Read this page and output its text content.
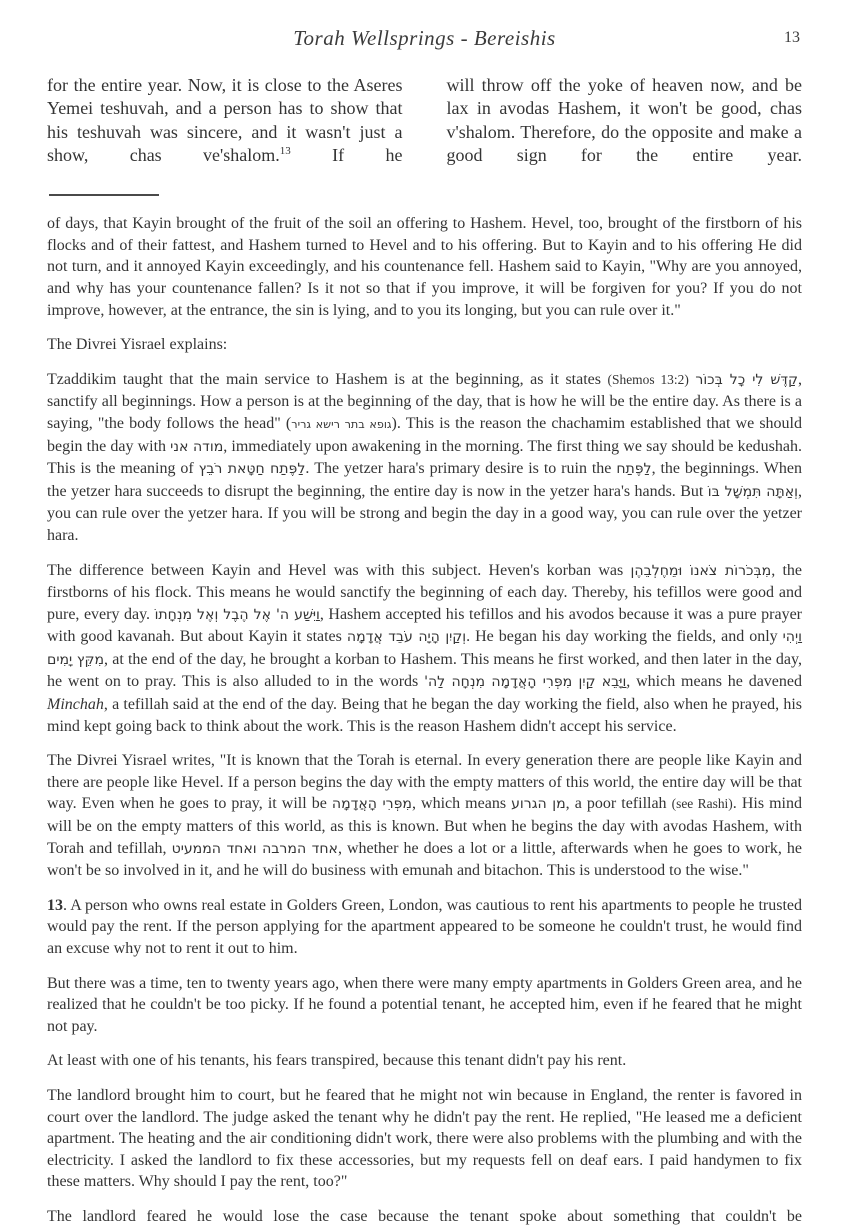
Torah Wellsprings - Bereishis	13
for the entire year. Now, it is close to the Aseres Yemei teshuvah, and a person has to show that his teshuvah was sincere, and it wasn't just a show, chas ve'shalom.$^{13}$ If he
will throw off the yoke of heaven now, and be lax in avodas Hashem, it won't be good, chas v'shalom. Therefore, do the opposite and make a good sign for the entire year.

of days, that Kayin brought of the fruit of the soil an offering to Hashem. Hevel, too, brought of the firstborn of his flocks and of their fattest, and Hashem turned to Hevel and to his offering. But to Kayin and to his offering He did not turn, and it annoyed Kayin exceedingly, and his countenance fell. Hashem said to Kayin, "Why are you annoyed, and why has your countenance fallen? Is it not so that if you improve, it will be forgiven for you? If you do not improve, however, at the entrance, the sin is lying, and to you its longing, but you can rule over it."

The Divrei Yisrael explains:

Tzaddikim taught that the main service to Hashem is at the beginning, as it states (Shemos 13:2) קַדֶּשׁ לִי כָל בְּכוֹר, sanctify all beginnings. How a person is at the beginning of the day, that is how he will be the entire day. As there is a saying, "the body follows the head" (גופא בתר רישא גריר). This is the reason the chachamim established that we should begin the day with מודה אני, immediately upon awakening in the morning. The first thing we say should be kedushah. This is the meaning of לַפֶּתַח חַטָּאת רֹבֵץ. The yetzer hara's primary desire is to ruin the לַפֶּתַח, the beginnings. When the yetzer hara succeeds to disrupt the beginning, the entire day is now in the yetzer hara's hands. But וְאַתָּה תִּמְשָׁל בּוֹ, you can rule over the yetzer hara. If you will be strong and begin the day in a good way, you can rule over the yetzer hara.

The difference between Kayin and Hevel was with this subject. Heven's korban was מִבְּכֹרוֹת צֹאנוֹ וּמֵחֶלְבֵהֶן, the firstborns of his flock. This means he would sanctify the beginning of each day. Thereby, his tefillos were good and pure, every day. וַיִּשַׁע ה' אֶל הֶבֶל וְאֶל מִנְחָתוֹ, Hashem accepted his tefillos and his avodos because it was a pure prayer with good kavanah. But about Kayin it states וְקַיִן הָיָה עֹבֵד אֲדָמָה. He began his day working the fields, and only וַיְהִי מִקֵּץ יָמִים, at the end of the day, he brought a korban to Hashem. This means he first worked, and then later in the day, he went on to pray. This is also alluded to in the words וַיָּבֵא קַיִן מִפְּרִי הָאֲדָמָה מִנְחָה לַה', which means he davened Minchah, a tefillah said at the end of the day. Being that he began the day working the field, also when he prayed, his mind kept going back to think about the work. This is the reason Hashem didn't accept his service.

The Divrei Yisrael writes, "It is known that the Torah is eternal. In every generation there are people like Kayin and there are people like Hevel. If a person begins the day with the empty matters of this world, the entire day will be that way. Even when he goes to pray, it will be מִפְּרִי הָאֲדָמָה, which means מן הגרוע, a poor tefillah (see Rashi). His mind will be on the empty matters of this world, as this is known. But when he begins the day with avodas Hashem, with Torah and tefillah, אחד המרבה ואחד הממעיט, whether he does a lot or a little, afterwards when he goes to work, he won't be so involved in it, and he will do business with emunah and bitachon. This is understood to the wise."

13. A person who owns real estate in Golders Green, London, was cautious to rent his apartments to people he trusted would pay the rent. If the person applying for the apartment appeared to be someone he couldn't trust, he would find an excuse why not to rent it out to him.

But there was a time, ten to twenty years ago, when there were many empty apartments in Golders Green area, and he realized that he couldn't be too picky. If he found a potential tenant, he accepted him, even if he feared that he might not pay.

At least with one of his tenants, his fears transpired, because this tenant didn't pay his rent.

The landlord brought him to court, but he feared that he might not win because in England, the renter is favored in court over the landlord. The judge asked the tenant why he didn't pay the rent. He replied, "He leased me a deficient apartment. The heating and the air conditioning didn't work, there were also problems with the plumbing and with the electricity. I asked the landlord to fix these accessories, but my requests fell on deaf ears. I paid handymen to fix these matters. Why should I pay the rent, too?"

The landlord feared he would lose the case because the tenant spoke about something that couldn't be
